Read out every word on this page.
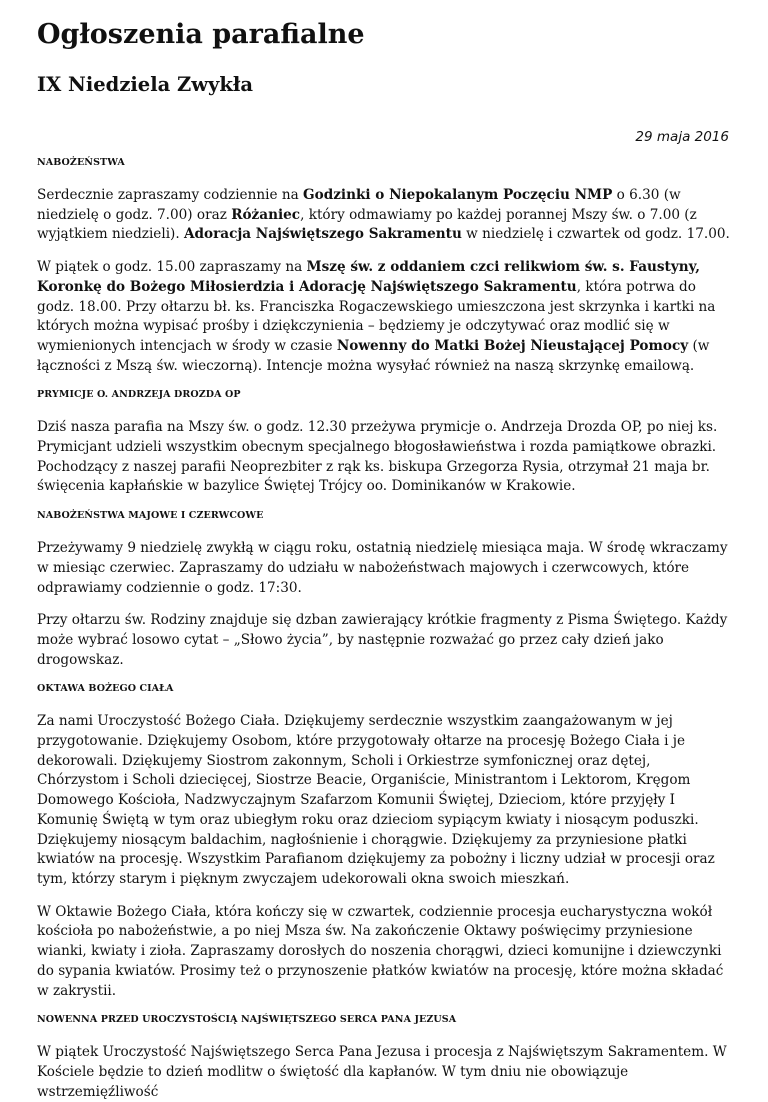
Ogłoszenia parafialne
IX Niedziela Zwykła
29 maja 2016
NABOŻEŃSTWA

Serdecznie zapraszamy codziennie na Godzinki o Niepokalanym Poczęciu NMP o 6.30 (w niedzielę o godz. 7.00) oraz Różaniec, który odmawiamy po każdej porannej Mszy św. o 7.00 (z wyjątkiem niedzieli). Adoracja Najświętszego Sakramentu w niedzielę i czwartek od godz. 17.00.

W piątek o godz. 15.00 zapraszamy na Mszę św. z oddaniem czci relikwiom św. s. Faustyny, Koronkę do Bożego Miłosierdzia i Adorację Najświętszego Sakramentu, która potrwa do godz. 18.00. Przy ołtarzu bł. ks. Franciszka Rogaczewskiego umieszczona jest skrzynka i kartki na których można wypisać prośby i dziękczynienia – będziemy je odczytywać oraz modlić się w wymienionych intencjach w środy w czasie Nowenny do Matki Bożej Nieustającej Pomocy (w łączności z Mszą św. wieczorną). Intencje można wysyłać również na naszą skrzynkę emailową.

PRYMICJE O. ANDRZEJA DROZDA OP

Dziś nasza parafia na Mszy św. o godz. 12.30 przeżywa prymicje o. Andrzeja Drozda OP, po niej ks. Prymicjant udzieli wszystkim obecnym specjalnego błogosławieństwa i rozda pamiątkowe obrazki. Pochodzący z naszej parafii Neoprezbiter z rąk ks. biskupa Grzegorza Rysia, otrzymał 21 maja br. święcenia kapłańskie w bazylice Świętej Trójcy oo. Dominikanów w Krakowie.

NABOŻEŃSTWA MAJOWE I CZERWCOWE

Przeżywamy 9 niedzielę zwykłą w ciągu roku, ostatnią niedzielę miesiąca maja. W środę wkraczamy w miesiąc czerwiec. Zapraszamy do udziału w nabożeństwach majowych i czerwcowych, które odprawiamy codziennie o godz. 17:30.

Przy ołtarzu św. Rodziny znajduje się dzban zawierający krótkie fragmenty z Pisma Świętego. Każdy może wybrać losowo cytat – „Słowo życia”, by następnie rozważać go przez cały dzień jako drogowskaz.

OKTAWA BOŻEGO CIAŁA

Za nami Uroczystość Bożego Ciała. Dziękujemy serdecznie wszystkim zaangażowanym w jej przygotowanie. Dziękujemy Osobom, które przygotowały ołtarze na procesję Bożego Ciała i je dekorowali. Dziękujemy Siostrom zakonnym, Scholi i Orkiestrze symfonicznej oraz dętej, Chórzystom i Scholi dziecięcej, Siostrze Beacie, Organiście, Ministrantom i Lektorom, Kręgom Domowego Kościoła, Nadzwyczajnym Szafarzom Komunii Świętej, Dzieciom, które przyjęły I Komunię Świętą w tym oraz ubiegłym roku oraz dzieciom sypiącym kwiaty i niosącym poduszki. Dziękujemy niosącym baldachim, nagłośnienie i chorągwie. Dziękujemy za przyniesione płatki kwiatów na procesję. Wszystkim Parafianom dziękujemy za pobożny i liczny udział w procesji oraz tym, którzy starym i pięknym zwyczajem udekorowali okna swoich mieszkań.

W Oktawie Bożego Ciała, która kończy się w czwartek, codziennie procesja eucharystyczna wokół kościoła po nabożeństwie, a po niej Msza św. Na zakończenie Oktawy poświęcimy przyniesione wianki, kwiaty i zioła. Zapraszamy dorosłych do noszenia chorągwi, dzieci komunijne i dziewczynki do sypania kwiatów. Prosimy też o przynoszenie płatków kwiatów na procesję, które można składać w zakrystii.

NOWENNA PRZED UROCZYSTOŚCIĄ NAJŚWIĘTSZEGO SERCA PANA JEZUSA

W piątek Uroczystość Najświętszego Serca Pana Jezusa i procesja z Najświętszym Sakramentem. W Kościele będzie to dzień modlitw o świętość dla kapłanów. W tym dniu nie obowiązuje wstrzemięźliwość
